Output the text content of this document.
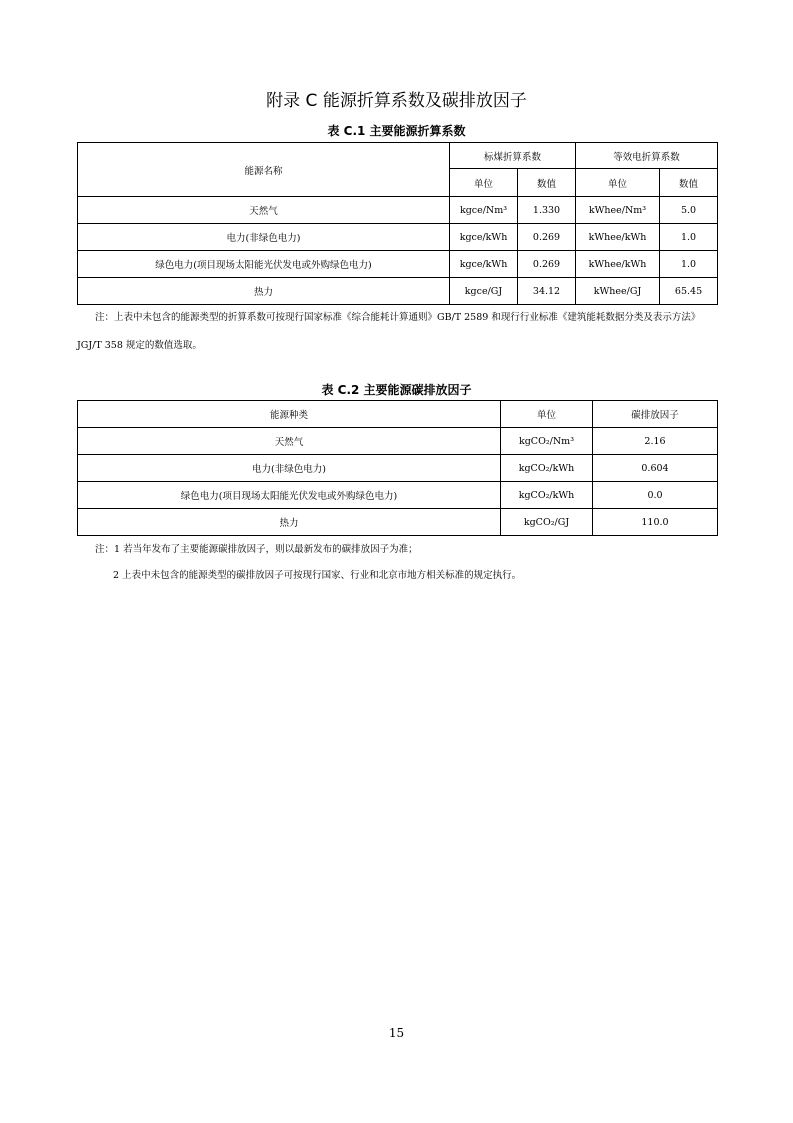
附录 C 能源折算系数及碳排放因子
表 C.1 主要能源折算系数
能源名称	标煤折算系数		等效电折算系数	
	单位	数值	单位	数值
天然气	kgce/Nm³	1.330	kWhee/Nm³	5.0
电力(非绿色电力)	kgce/kWh	0.269	kWhee/kWh	1.0
绿色电力(项目现场太阳能光伏发电或外购绿色电力)	kgce/kWh	0.269	kWhee/kWh	1.0
热力	kgce/GJ	34.12	kWhee/GJ	65.45
注：上表中未包含的能源类型的折算系数可按现行国家标准《综合能耗计算通则》GB/T 2589 和现行行业标准《建筑能耗数据分类及表示方法》
JGJ/T 358 规定的数值选取。
表 C.2 主要能源碳排放因子
能源种类	单位	碳排放因子
天然气	kgCO₂/Nm³	2.16
电力(非绿色电力)	kgCO₂/kWh	0.604
绿色电力(项目现场太阳能光伏发电或外购绿色电力)	kgCO₂/kWh	0.0
热力	kgCO₂/GJ	110.0
注：1 若当年发布了主要能源碳排放因子，则以最新发布的碳排放因子为准；
2 上表中未包含的能源类型的碳排放因子可按现行国家、行业和北京市地方相关标准的规定执行。
15
